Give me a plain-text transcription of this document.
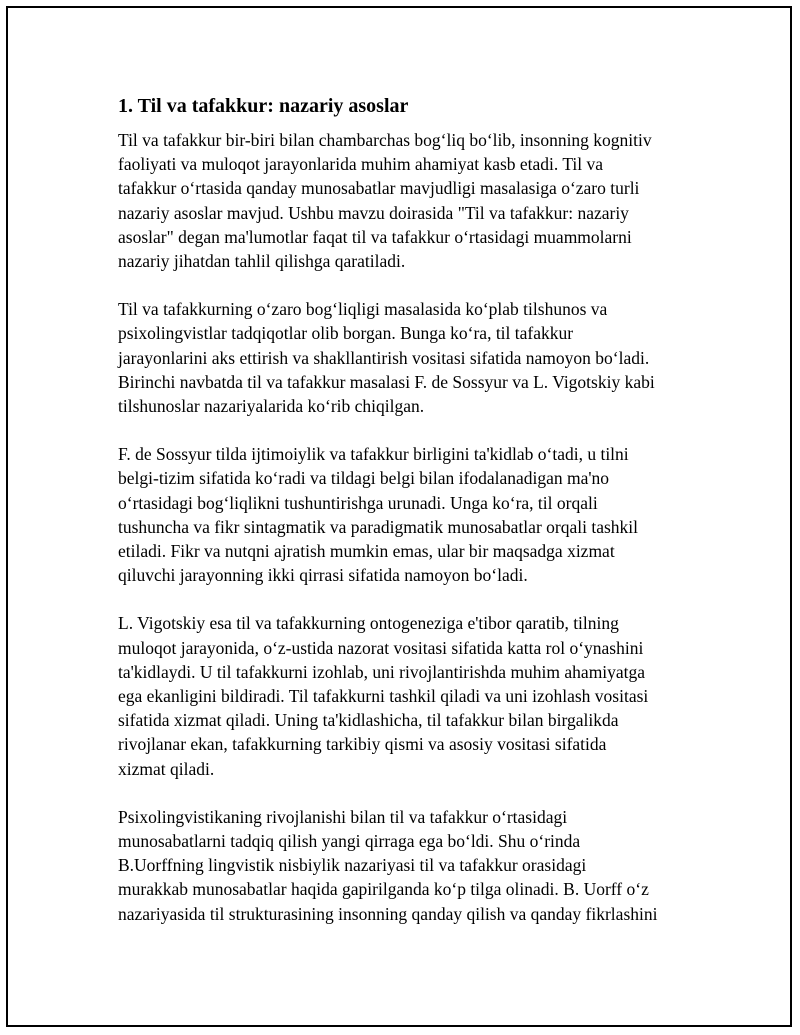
1. Til va tafakkur: nazariy asoslar
Til va tafakkur bir-biri bilan chambarchas bog‘liq bo‘lib, insonning kognitiv
faoliyati va muloqot jarayonlarida muhim ahamiyat kasb etadi. Til va
tafakkur o‘rtasida qanday munosabatlar mavjudligi masalasiga o‘zaro turli
nazariy asoslar mavjud. Ushbu mavzu doirasida "Til va tafakkur: nazariy
asoslar" degan ma'lumotlar faqat til va tafakkur o‘rtasidagi muammolarni
nazariy jihatdan tahlil qilishga qaratiladi.
Til va tafakkurning o‘zaro bog‘liqligi masalasida ko‘plab tilshunos va
psixolingvistlar tadqiqotlar olib borgan. Bunga ko‘ra, til tafakkur
jarayonlarini aks ettirish va shakllantirish vositasi sifatida namoyon bo‘ladi.
Birinchi navbatda til va tafakkur masalasi F. de Sossyur va L. Vigotskiy kabi
tilshunoslar nazariyalarida ko‘rib chiqilgan.
F. de Sossyur tilda ijtimoiylik va tafakkur birligini ta'kidlab o‘tadi, u tilni
belgi-tizim sifatida ko‘radi va tildagi belgi bilan ifodalanadigan ma'no
o‘rtasidagi bog‘liqlikni tushuntirishga urunadi. Unga ko‘ra, til orqali
tushuncha va fikr sintagmatik va paradigmatik munosabatlar orqali tashkil
etiladi. Fikr va nutqni ajratish mumkin emas, ular bir maqsadga xizmat
qiluvchi jarayonning ikki qirrasi sifatida namoyon bo‘ladi.
L. Vigotskiy esa til va tafakkurning ontogeneziga e'tibor qaratib, tilning
muloqot jarayonida, o‘z-ustida nazorat vositasi sifatida katta rol o‘ynashini
ta'kidlaydi. U til tafakkurni izohlab, uni rivojlantirishda muhim ahamiyatga
ega ekanligini bildiradi. Til tafakkurni tashkil qiladi va uni izohlash vositasi
sifatida xizmat qiladi. Uning ta'kidlashicha, til tafakkur bilan birgalikda
rivojlanar ekan, tafakkurning tarkibiy qismi va asosiy vositasi sifatida
xizmat qiladi.
Psixolingvistikaning rivojlanishi bilan til va tafakkur o‘rtasidagi
munosabatlarni tadqiq qilish yangi qirraga ega bo‘ldi. Shu o‘rinda
B.Uorffning lingvistik nisbiylik nazariyasi til va tafakkur orasidagi
murakkab munosabatlar haqida gapirilganda ko‘p tilga olinadi. B. Uorff o‘z
nazariyasida til strukturasining insonning qanday qilish va qanday fikrlashini
